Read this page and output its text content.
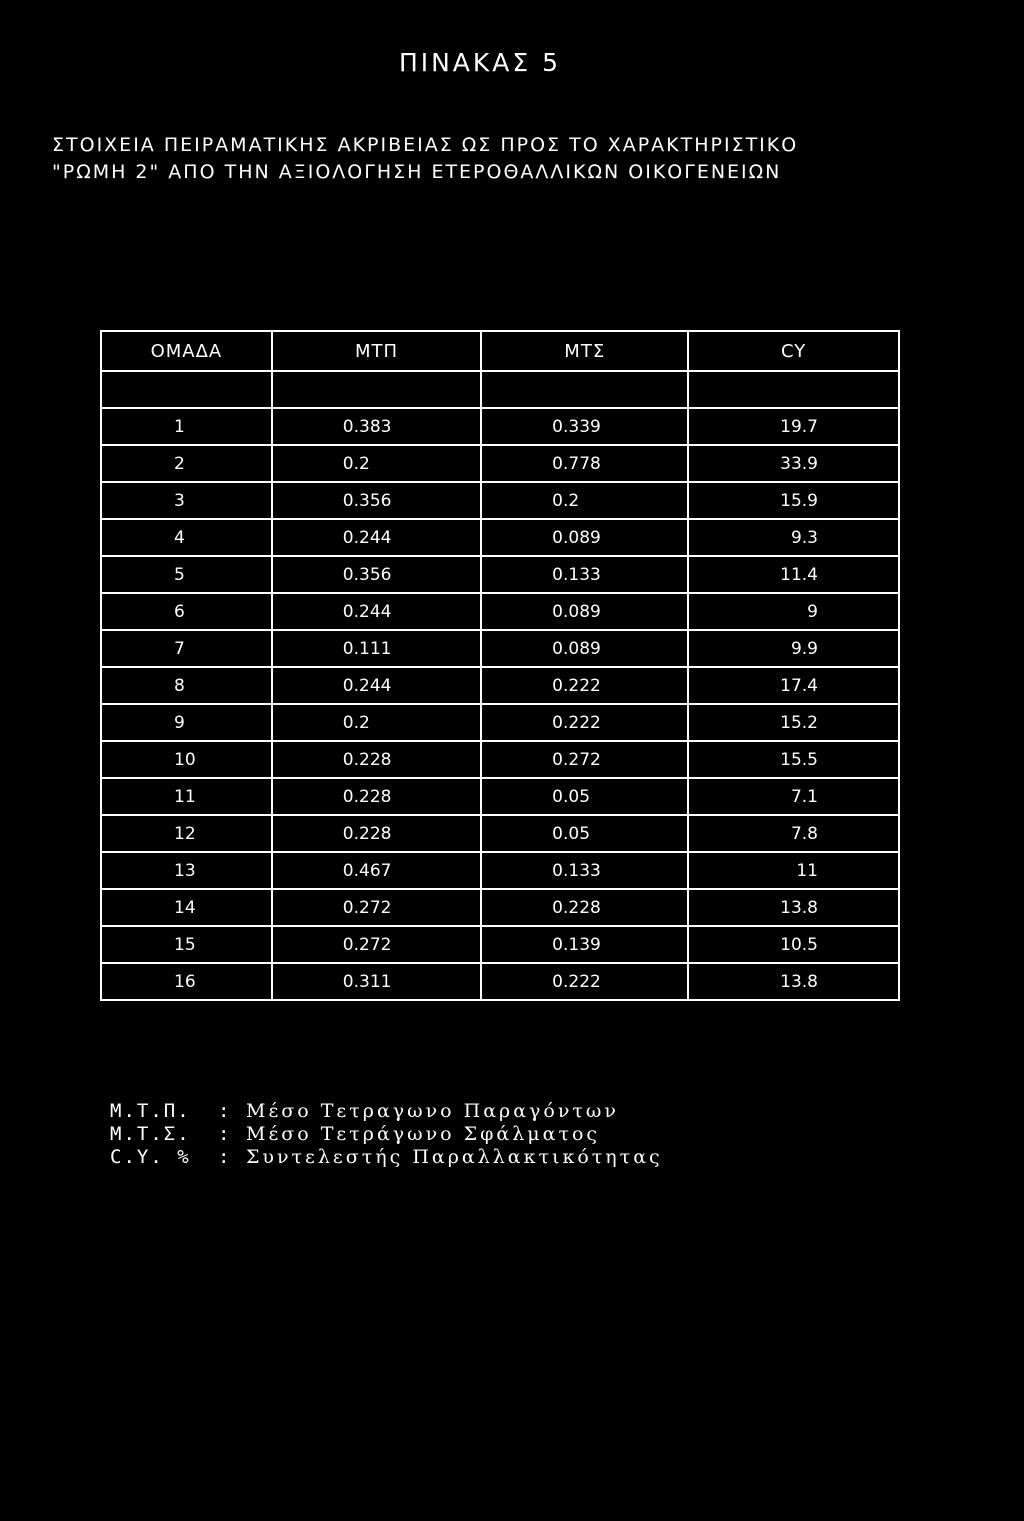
ΠΙΝΑΚΑΣ 5
ΣΤΟΙΧΕΙΑ ΠΕΙΡΑΜΑΤΙΚΗΣ ΑΚΡΙΒΕΙΑΣ ΩΣ ΠΡΟΣ ΤΟ ΧΑΡΑΚΤΗΡΙΣΤΙΚΟ
"ΡΩΜΗ 2" ΑΠΟ ΤΗΝ ΑΞΙΟΛΟΓΗΣΗ ΕΤΕΡΟΘΑΛΛΙΚΩΝ ΟΙΚΟΓΕΝΕΙΩΝ
ΟΜΑΔΑ	ΜΤΠ	ΜΤΣ	CY

1	0.383	0.339	19.7
2	0.2	0.778	33.9
3	0.356	0.2	15.9
4	0.244	0.089	9.3
5	0.356	0.133	11.4
6	0.244	0.089	9
7	0.111	0.089	9.9
8	0.244	0.222	17.4
9	0.2	0.222	15.2
10	0.228	0.272	15.5
11	0.228	0.05	7.1
12	0.228	0.05	7.8
13	0.467	0.133	11
14	0.272	0.228	13.8
15	0.272	0.139	10.5
16	0.311	0.222	13.8
Μ.Τ.Π.	: Μέσο Τετραγωνο Παραγόντων
Μ.Τ.Σ.	: Μέσο Τετράγωνο Σφάλματος
C.Y. %	: Συντελεστής Παραλλακτικότητας
